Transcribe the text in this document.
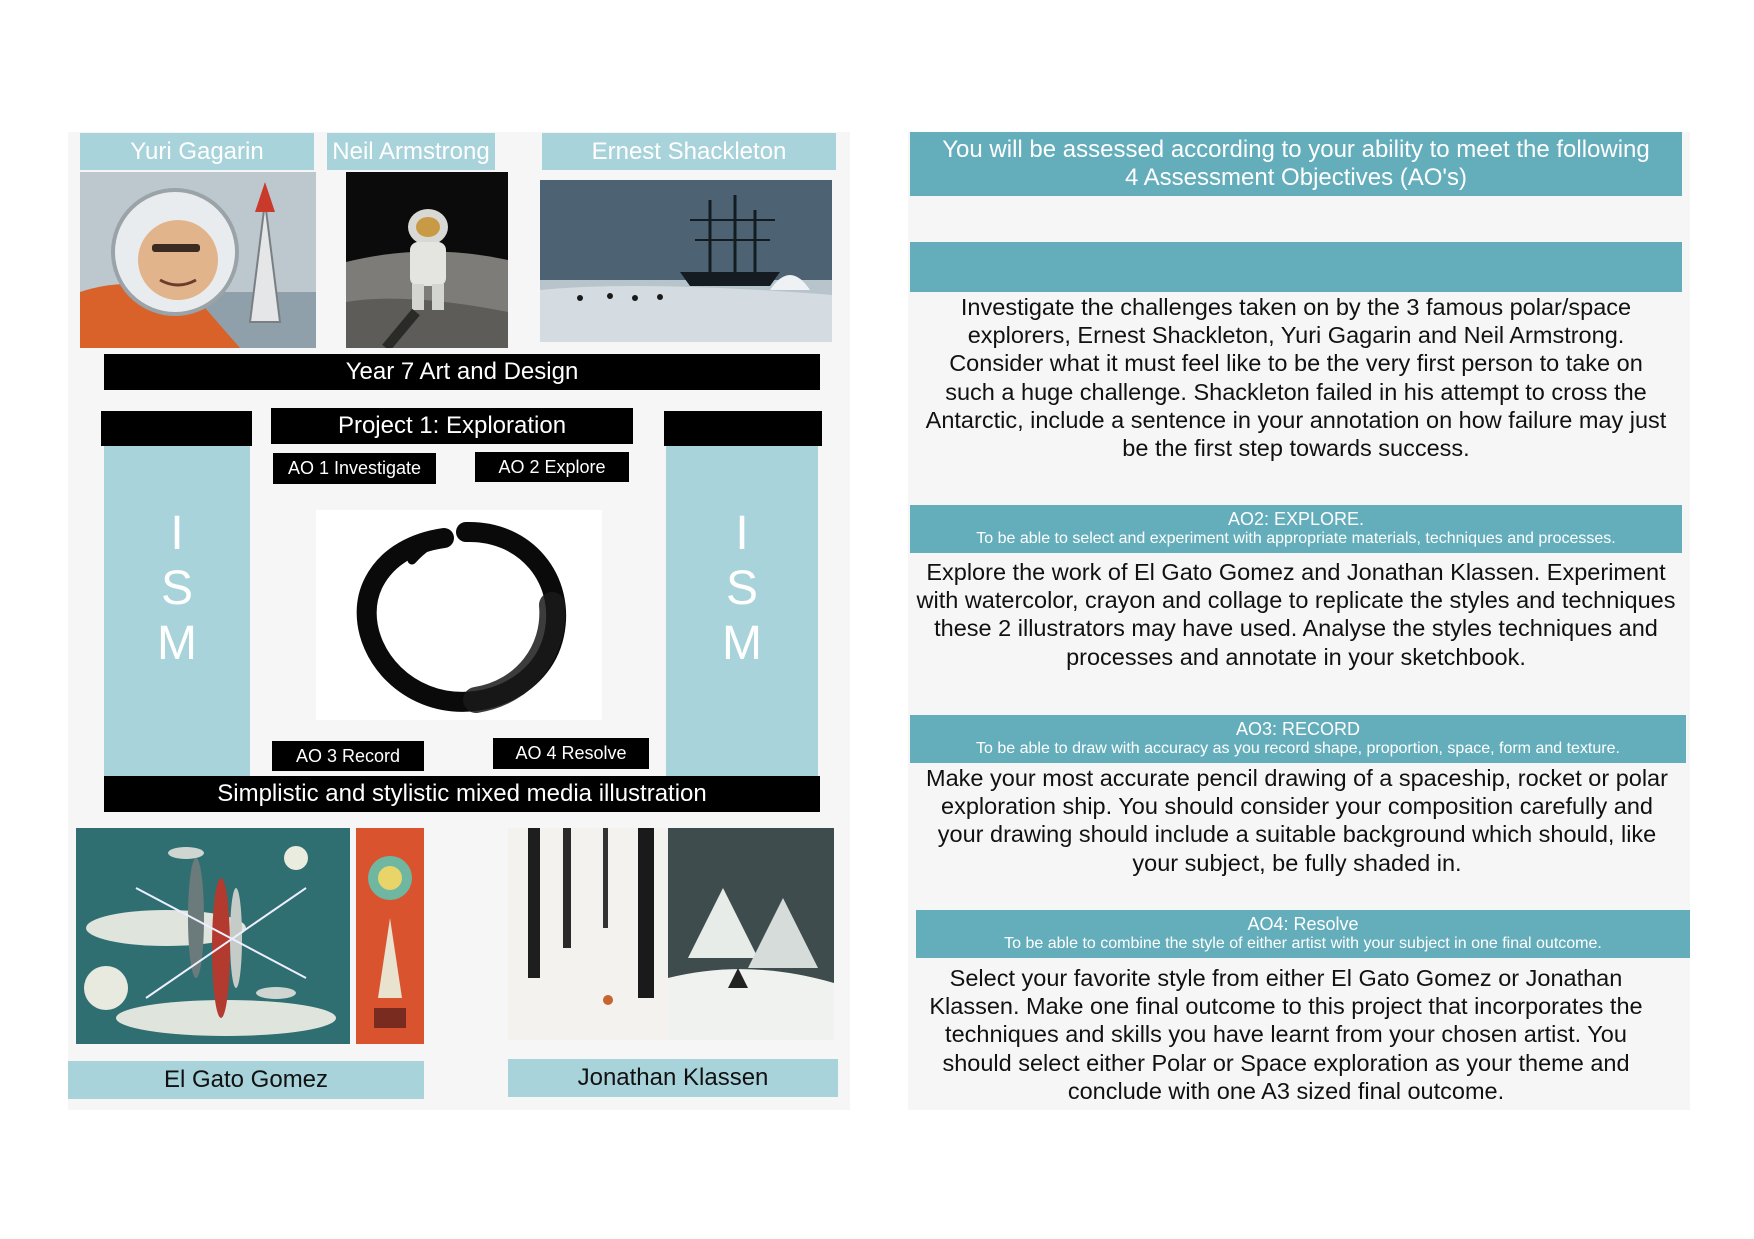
Yuri Gagarin	Neil Armstrong	Ernest Shackleton
Year 7 Art and Design
I
S
M
I
S
M
Project 1: Exploration
AO 1 Investigate	AO 2 Explore
AO 3 Record	AO 4 Resolve
Simplistic and stylistic mixed media illustration
El Gato Gomez	Jonathan Klassen
You will be assessed according to your ability to meet the following
4 Assessment Objectives (AO's)
Investigate the challenges taken on by the 3 famous polar/space explorers, Ernest Shackleton, Yuri Gagarin and Neil Armstrong. Consider what it must feel like to be the very first person to take on such a huge challenge. Shackleton failed in his attempt to cross the Antarctic, include a sentence in your annotation on how failure may just be the first step towards success.
AO2: EXPLORE.
To be able to select and experiment with appropriate materials, techniques and processes.
Explore the work of El Gato Gomez and Jonathan Klassen. Experiment with watercolor, crayon and collage to replicate the styles and techniques these 2 illustrators may have used. Analyse the styles techniques and processes and annotate in your sketchbook.
AO3: RECORD
To be able to draw with accuracy as you record shape, proportion, space, form and texture.
Make your most accurate pencil drawing of a spaceship, rocket or polar exploration ship. You should consider your composition carefully and your drawing should include a suitable background which should, like your subject, be fully shaded in.
AO4: Resolve
To be able to combine the style of either artist with your subject in one final outcome.
Select your favorite style from either El Gato Gomez or Jonathan Klassen. Make one final outcome to this project that incorporates the techniques and skills you have learnt from your chosen artist. You should select either Polar or Space exploration as your theme and conclude with one A3 sized final outcome.
